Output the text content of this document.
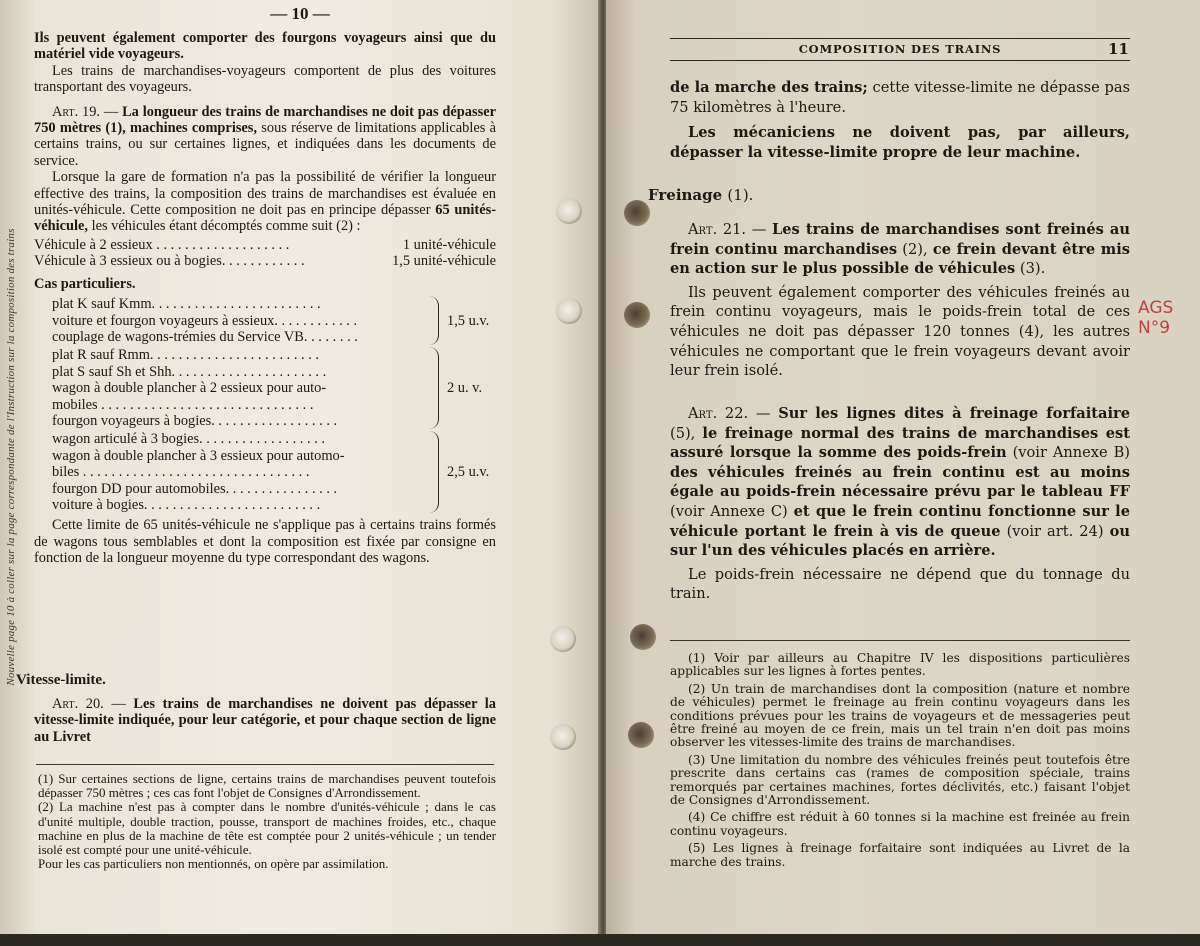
Nouvelle page 10 à coller sur la page correspondante de l'Instruction sur la composition des trains
— 10 —

Ils peuvent également comporter des fourgons voyageurs ainsi que du matériel vide voyageurs.

Les trains de marchandises-voyageurs comportent de plus des voitures transportant des voyageurs.

Art. 19. — La longueur des trains de marchandises ne doit pas dépasser 750 mètres (1), machines comprises, sous réserve de limitations applicables à certains trains, ou sur certaines lignes, et indiquées dans les documents de service.

Lorsque la gare de formation n'a pas la possibilité de vérifier la longueur effective des trains, la composition des trains de marchandises est évaluée en unités-véhicule. Cette composition ne doit pas en principe dépasser 65 unités-véhicule, les véhicules étant décomptés comme suit (2) :

Véhicule à 2 essieux . . . . . . . . . . . . . . . . . . .	1 unité-véhicule
Véhicule à 3 essieux ou à bogies. . . . . . . . . . . .	1,5 unité-véhicule

Cas particuliers.

plat K sauf Kmm. . . . . . . . . . . . . . . . . . . . . . . .
voiture et fourgon voyageurs à essieux. . . . . . . . . . . .
couplage de wagons-trémies du Service VB. . . . . . . .
1,5 u.v.
plat R sauf Rmm. . . . . . . . . . . . . . . . . . . . . . . .
plat S sauf Sh et Shh. . . . . . . . . . . . . . . . . . . . . .
wagon à double plancher à 2 essieux pour auto-
mobiles . . . . . . . . . . . . . . . . . . . . . . . . . . . . . .
fourgon voyageurs à bogies. . . . . . . . . . . . . . . . . .
2 u. v.
wagon articulé à 3 bogies. . . . . . . . . . . . . . . . . .
wagon à double plancher à 3 essieux pour automo-
biles . . . . . . . . . . . . . . . . . . . . . . . . . . . . . . . .
fourgon DD pour automobiles. . . . . . . . . . . . . . . .
voiture à bogies. . . . . . . . . . . . . . . . . . . . . . . . .
2,5 u.v.

Cette limite de 65 unités-véhicule ne s'applique pas à certains trains formés de wagons tous semblables et dont la composition est fixée par consigne en fonction de la longueur moyenne du type correspondant des wagons.

Vitesse-limite.

Art. 20. — Les trains de marchandises ne doivent pas dépasser la vitesse-limite indiquée, pour leur catégorie, et pour chaque section de ligne au Livret

(1) Sur certaines sections de ligne, certains trains de marchandises peuvent toutefois dépasser 750 mètres ; ces cas font l'objet de Consignes d'Arrondissement.

(2) La machine n'est pas à compter dans le nombre d'unités-véhicule ; dans le cas d'unité multiple, double traction, pousse, transport de machines froides, etc., chaque machine en plus de la machine de tête est comptée pour 2 unités-véhicule ; un tender isolé est compté pour une unité-véhicule.

Pour les cas particuliers non mentionnés, on opère par assimilation.

COMPOSITION DES TRAINS	11

de la marche des trains; cette vitesse-limite ne dépasse pas 75 kilomètres à l'heure.

Les mécaniciens ne doivent pas, par ailleurs, dépasser la vitesse-limite propre de leur machine.

Freinage (1).

Art. 21. — Les trains de marchandises sont freinés au frein continu marchandises (2), ce frein devant être mis en action sur le plus possible de véhicules (3).

Ils peuvent également comporter des véhicules freinés au frein continu voyageurs, mais le poids-frein total de ces véhicules ne doit pas dépasser 120 tonnes (4), les autres véhicules ne comportant que le frein voyageurs devant avoir leur frein isolé.

Art. 22. — Sur les lignes dites à freinage forfaitaire (5), le freinage normal des trains de marchandises est assuré lorsque la somme des poids-frein (voir Annexe B) des véhicules freinés au frein continu est au moins égale au poids-frein nécessaire prévu par le tableau FF (voir Annexe C) et que le frein continu fonctionne sur le véhicule portant le frein à vis de queue (voir art. 24) ou sur l'un des véhicules placés en arrière.

Le poids-frein nécessaire ne dépend que du tonnage du train.

AGS N°9

(1) Voir par ailleurs au Chapitre IV les dispositions particulières applicables sur les lignes à fortes pentes.

(2) Un train de marchandises dont la composition (nature et nombre de véhicules) permet le freinage au frein continu voyageurs dans les conditions prévues pour les trains de voyageurs et de messageries peut être freiné au moyen de ce frein, mais un tel train n'en doit pas moins observer les vitesses-limite des trains de marchandises.

(3) Une limitation du nombre des véhicules freinés peut toutefois être prescrite dans certains cas (rames de composition spéciale, trains remorqués par certaines machines, fortes déclivités, etc.) faisant l'objet de Consignes d'Arrondissement.

(4) Ce chiffre est réduit à 60 tonnes si la machine est freinée au frein continu voyageurs.

(5) Les lignes à freinage forfaitaire sont indiquées au Livret de la marche des trains.
